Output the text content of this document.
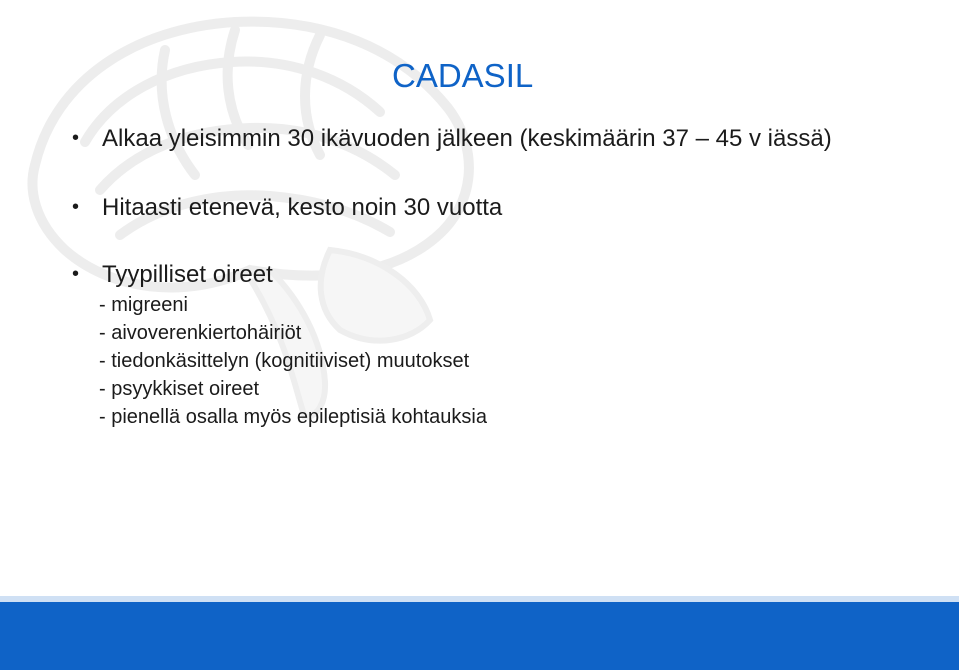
CADASIL
• Alkaa yleisimmin 30 ikävuoden jälkeen (keskimäärin 37 – 45 v iässä)
• Hitaasti etenevä, kesto noin 30 vuotta
• Tyypilliset oireet
- migreeni
- aivoverenkiertohäiriöt
- tiedonkäsittelyn (kognitiiviset) muutokset
- psyykkiset oireet
- pienellä osalla myös epileptisiä kohtauksia
